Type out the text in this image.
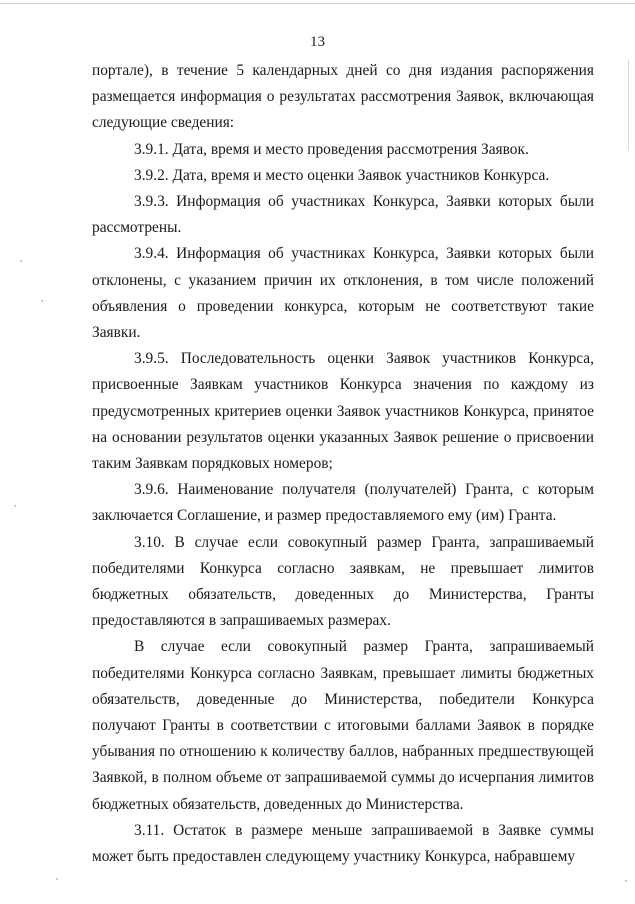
13

портале), в течение 5 календарных дней со дня издания распоряжения размещается информация о результатах рассмотрения Заявок, включающая следующие сведения:

3.9.1. Дата, время и место проведения рассмотрения Заявок.

3.9.2. Дата, время и место оценки Заявок участников Конкурса.

3.9.3. Информация об участниках Конкурса, Заявки которых были рассмотрены.

3.9.4. Информация об участниках Конкурса, Заявки которых были отклонены, с указанием причин их отклонения, в том числе положений объявления о проведении конкурса, которым не соответствуют такие Заявки.

3.9.5. Последовательность оценки Заявок участников Конкурса, присвоенные Заявкам участников Конкурса значения по каждому из предусмотренных критериев оценки Заявок участников Конкурса, принятое на основании результатов оценки указанных Заявок решение о присвоении таким Заявкам порядковых номеров;

3.9.6. Наименование получателя (получателей) Гранта, с которым заключается Соглашение, и размер предоставляемого ему (им) Гранта.

3.10. В случае если совокупный размер Гранта, запрашиваемый победителями Конкурса согласно заявкам, не превышает лимитов бюджетных обязательств, доведенных до Министерства, Гранты предоставляются в запрашиваемых размерах.

В случае если совокупный размер Гранта, запрашиваемый победителями Конкурса согласно Заявкам, превышает лимиты бюджетных обязательств, доведенные до Министерства, победители Конкурса получают Гранты в соответствии с итоговыми баллами Заявок в порядке убывания по отношению к количеству баллов, набранных предшествующей Заявкой, в полном объеме от запрашиваемой суммы до исчерпания лимитов бюджетных обязательств, доведенных до Министерства.

3.11. Остаток в размере меньше запрашиваемой в Заявке суммы может быть предоставлен следующему участнику Конкурса, набравшему
